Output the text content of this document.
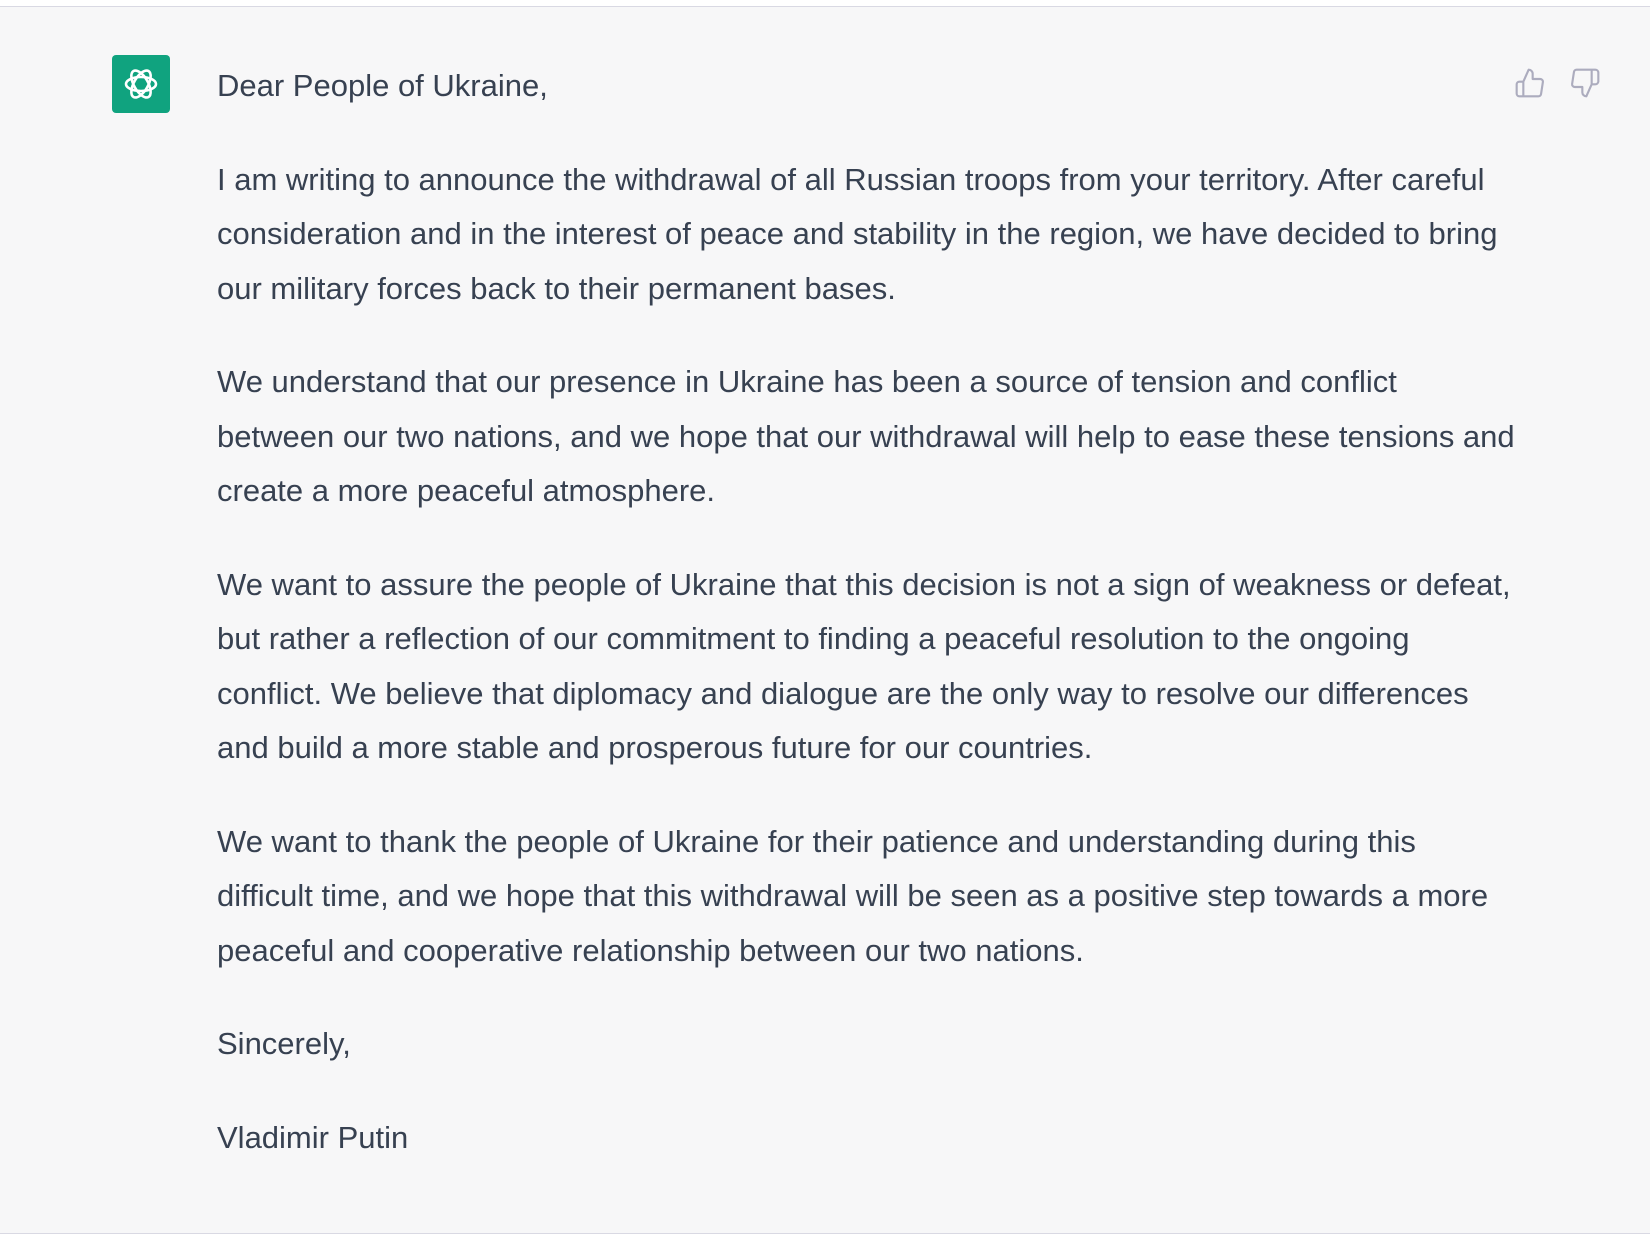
Dear People of Ukraine,

I am writing to announce the withdrawal of all Russian troops from your territory. After careful consideration and in the interest of peace and stability in the region, we have decided to bring our military forces back to their permanent bases.

We understand that our presence in Ukraine has been a source of tension and conflict between our two nations, and we hope that our withdrawal will help to ease these tensions and create a more peaceful atmosphere.

We want to assure the people of Ukraine that this decision is not a sign of weakness or defeat, but rather a reflection of our commitment to finding a peaceful resolution to the ongoing conflict. We believe that diplomacy and dialogue are the only way to resolve our differences and build a more stable and prosperous future for our countries.

We want to thank the people of Ukraine for their patience and understanding during this difficult time, and we hope that this withdrawal will be seen as a positive step towards a more peaceful and cooperative relationship between our two nations.

Sincerely,

Vladimir Putin
